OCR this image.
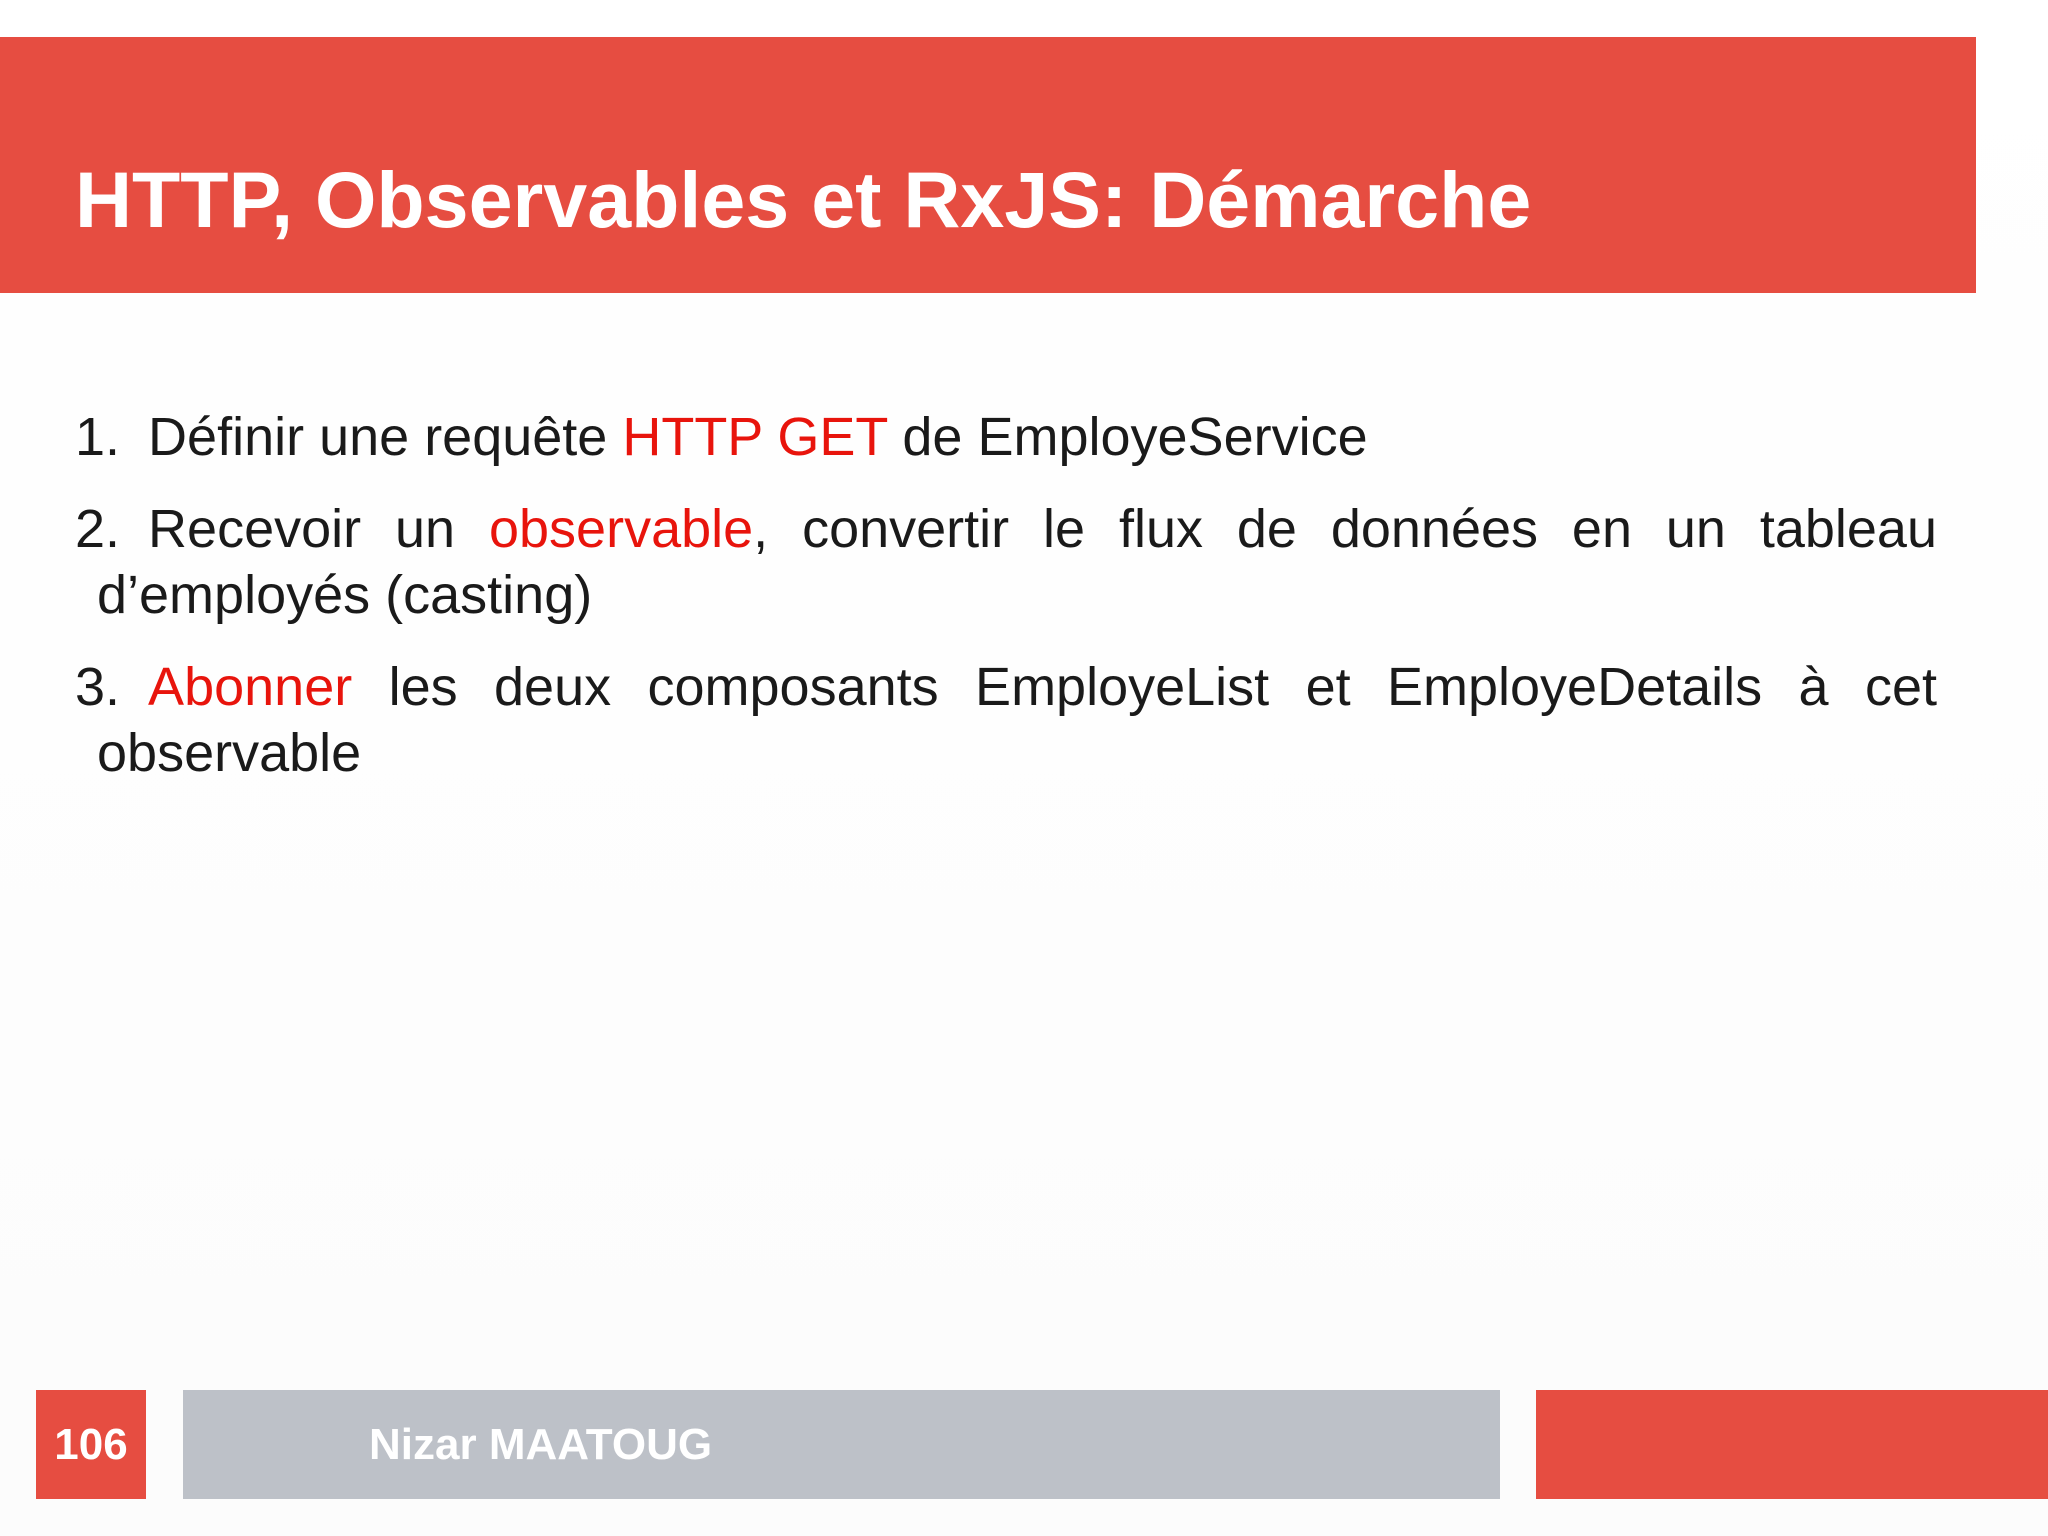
HTTP, Observables et RxJS: Démarche

1. Définir une requête HTTP GET de EmployeService

2. Recevoir un observable, convertir le flux de données en un tableau d’employés (casting)

3. Abonner les deux composants EmployeList et EmployeDetails à cet observable

106	Nizar MAATOUG
